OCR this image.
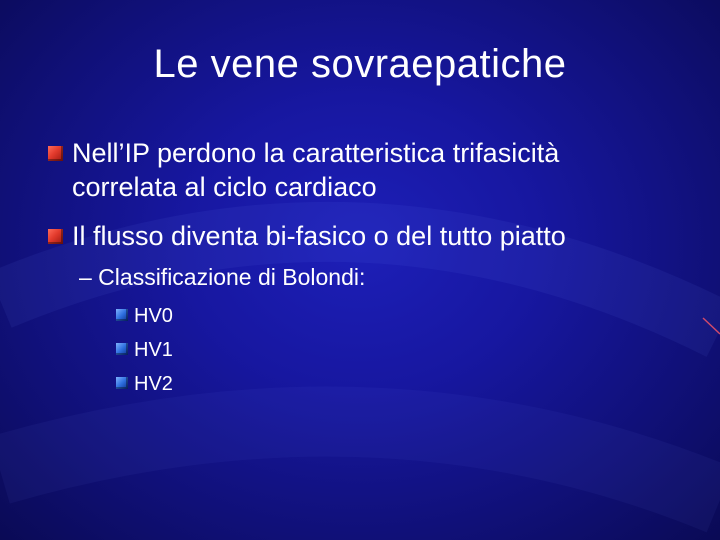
Le vene sovraepatiche
Nell’IP perdono la caratteristica trifasicità
correlata al ciclo cardiaco
Il flusso diventa bi-fasico o del tutto piatto
– Classificazione di Bolondi:
HV0
HV1
HV2
